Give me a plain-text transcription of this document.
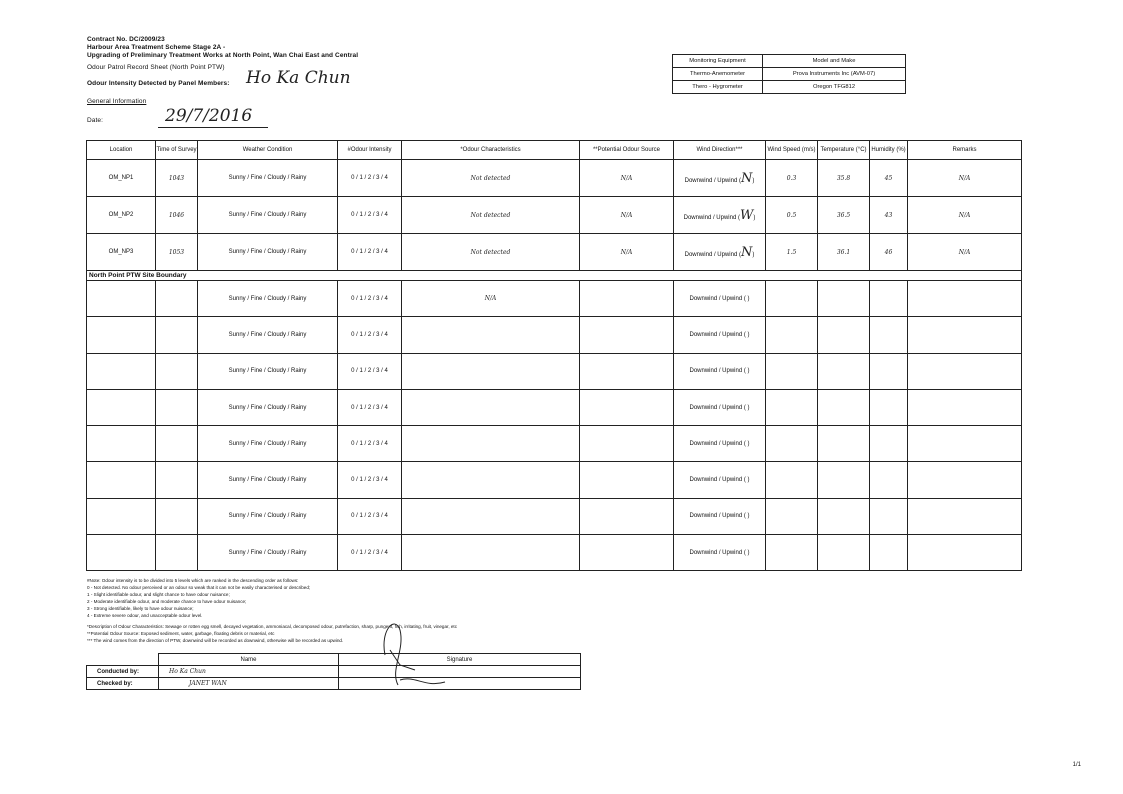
Contract No. DC/2009/23
Harbour Area Treatment Scheme Stage 2A -
Upgrading of Preliminary Treatment Works at North Point, Wan Chai East and Central
Odour Patrol Record Sheet (North Point PTW)
Odour Intensity Detected by Panel Members: Ho Ka Chun
General Information
Date:	29/7/2016
Monitoring Equipment	Model and Make
Thermo-Anemometer	Prova Instruments Inc (AVM-07)
Thero - Hygrometer	Oregon TFG812
Location	Time of Survey	Weather Condition	#Odour Intensity	*Odour Characteristics	**Potential Odour Source	Wind Direction***	Wind Speed (m/s)	Temperature (°C)	Humidity (%)	Remarks
OM_NP1	1043	Sunny / Fine / Cloudy / Rainy	0 / 1 / 2 / 3 / 4	Not detected	N/A	Downwind / Upwind (N)	0.3	35.8	45	N/A
OM_NP2	1046	Sunny / Fine / Cloudy / Rainy	0 / 1 / 2 / 3 / 4	Not detected	N/A	Downwind / Upwind (W)	0.5	36.5	43	N/A
OM_NP3	1053	Sunny / Fine / Cloudy / Rainy	0 / 1 / 2 / 3 / 4	Not detected	N/A	Downwind / Upwind (N)	1.5	36.1	46	N/A
North Point PTW Site Boundary										
		Sunny / Fine / Cloudy / Rainy	0 / 1 / 2 / 3 / 4	N/A		Downwind / Upwind ( )				
		Sunny / Fine / Cloudy / Rainy	0 / 1 / 2 / 3 / 4			Downwind / Upwind ( )				
		Sunny / Fine / Cloudy / Rainy	0 / 1 / 2 / 3 / 4			Downwind / Upwind ( )				
		Sunny / Fine / Cloudy / Rainy	0 / 1 / 2 / 3 / 4			Downwind / Upwind ( )				
		Sunny / Fine / Cloudy / Rainy	0 / 1 / 2 / 3 / 4			Downwind / Upwind ( )				
		Sunny / Fine / Cloudy / Rainy	0 / 1 / 2 / 3 / 4			Downwind / Upwind ( )				
		Sunny / Fine / Cloudy / Rainy	0 / 1 / 2 / 3 / 4			Downwind / Upwind ( )				
		Sunny / Fine / Cloudy / Rainy	0 / 1 / 2 / 3 / 4			Downwind / Upwind ( )				
#Note: Odour intensity is to be divided into 5 levels which are ranked in the descending order as follows:
0 - Not detected. No odour perceived or an odour so weak that it can not be easily characterised or described;
1 - Slight identifiable odour, and slight chance to have odour nuisance;
2 - Moderate identifiable odour, and moderate chance to have odour nuisance;
3 - Strong identifiable, likely to have odour nuisance;
4 - Extreme severe odour, and unacceptable odour level.
*Description of Odour Characteristics: Sewage or rotten egg smell, decayed vegetation, ammoniacal, decomposed odour, putrefaction, sharp, pungent, fish, irritating, fruit, vinegar, etc
**Potential Odour Source: Exposed sediment, water, garbage, floating debris or material, etc
*** The wind comes from the direction of PTW, downwind will be recorded as downwind, otherwise will be recorded as upwind.
	Name	Signature
Conducted by:	Ho Ka Chun	
Checked by:	JANET WAN	
1/1
